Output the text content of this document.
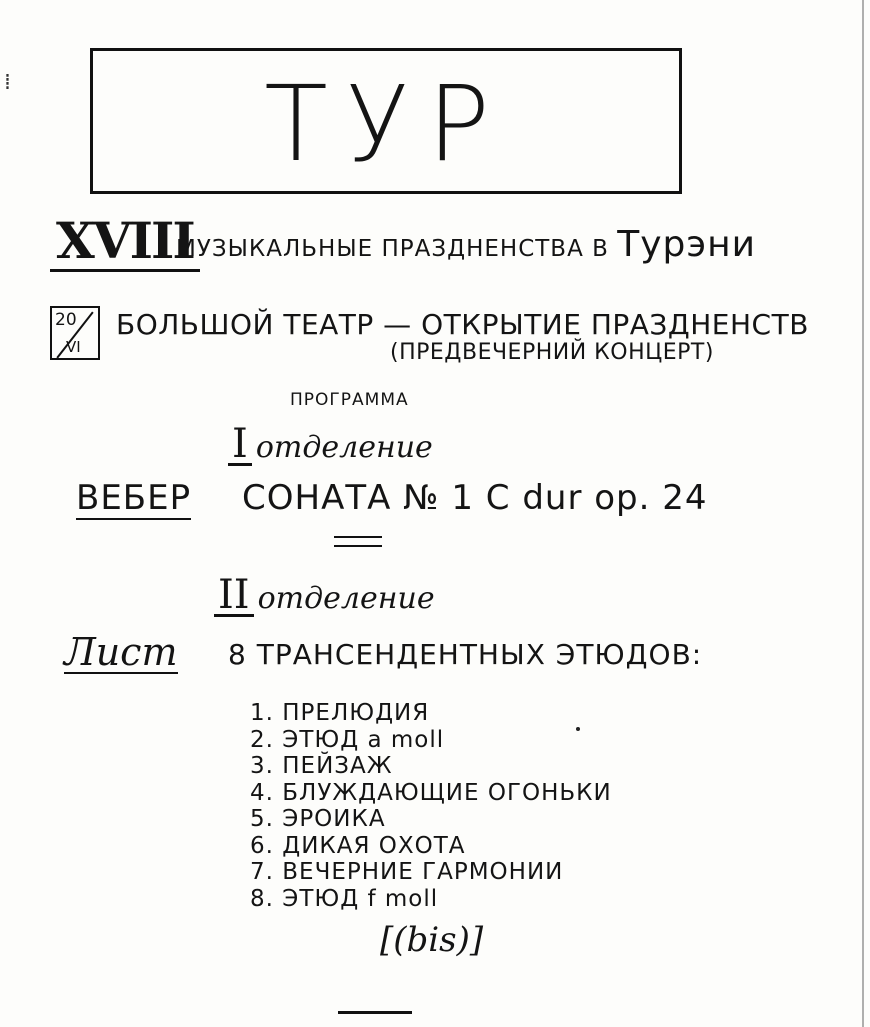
⁞	ТУР
XVIII
МУЗЫКАЛЬНЫЕ ПРАЗДНЕНСТВА В Турэни
20
VI
БОЛЬШОЙ ТЕАТР — ОТКРЫТИЕ ПРАЗДНЕНСТВ
(ПРЕДВЕЧЕРНИЙ КОНЦЕРТ)
ПРОГРАММА
I отделение
ВЕБЕР СОНАТА № 1 C dur op. 24
II отделение
Лист 8 ТРАНСЕНДЕНТНЫХ ЭТЮДОВ:
1. ПРЕЛЮДИЯ
2. ЭТЮД a moll
3. ПЕЙЗАЖ
4. БЛУЖДАЮЩИЕ ОГОНЬКИ
5. ЭРОИКА
6. ДИКАЯ ОХОТА
7. ВЕЧЕРНИЕ ГАРМОНИИ
8. ЭТЮД f moll
[(bis)]
